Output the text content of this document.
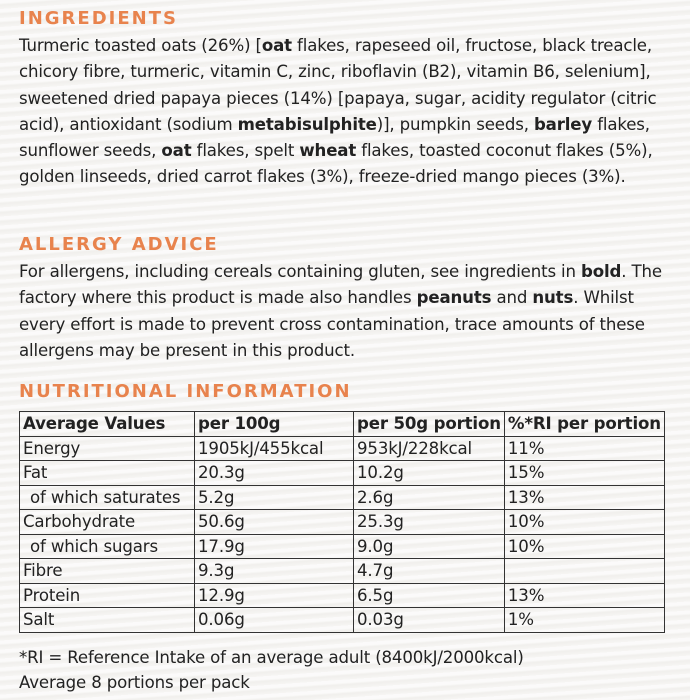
INGREDIENTS

Turmeric toasted oats (26%) [oat flakes, rapeseed oil, fructose, black treacle, chicory fibre, turmeric, vitamin C, zinc, riboflavin (B2), vitamin B6, selenium], sweetened dried papaya pieces (14%) [papaya, sugar, acidity regulator (citric acid), antioxidant (sodium metabisulphite)], pumpkin seeds, barley flakes, sunflower seeds, oat flakes, spelt wheat flakes, toasted coconut flakes (5%), golden linseeds, dried carrot flakes (3%), freeze-dried mango pieces (3%).

ALLERGY ADVICE

For allergens, including cereals containing gluten, see ingredients in bold. The factory where this product is made also handles peanuts and nuts. Whilst every effort is made to prevent cross contamination, trace amounts of these allergens may be present in this product.

NUTRITIONAL INFORMATION
Average Values	per 100g	per 50g portion	%*RI per portion
Energy	1905kJ/455kcal	953kJ/228kcal	11%
Fat	20.3g	10.2g	15%
of which saturates	5.2g	2.6g	13%
Carbohydrate	50.6g	25.3g	10%
of which sugars	17.9g	9.0g	10%
Fibre	9.3g	4.7g	
Protein	12.9g	6.5g	13%
Salt	0.06g	0.03g	1%

*RI = Reference Intake of an average adult (8400kJ/2000kcal)

Average 8 portions per pack
